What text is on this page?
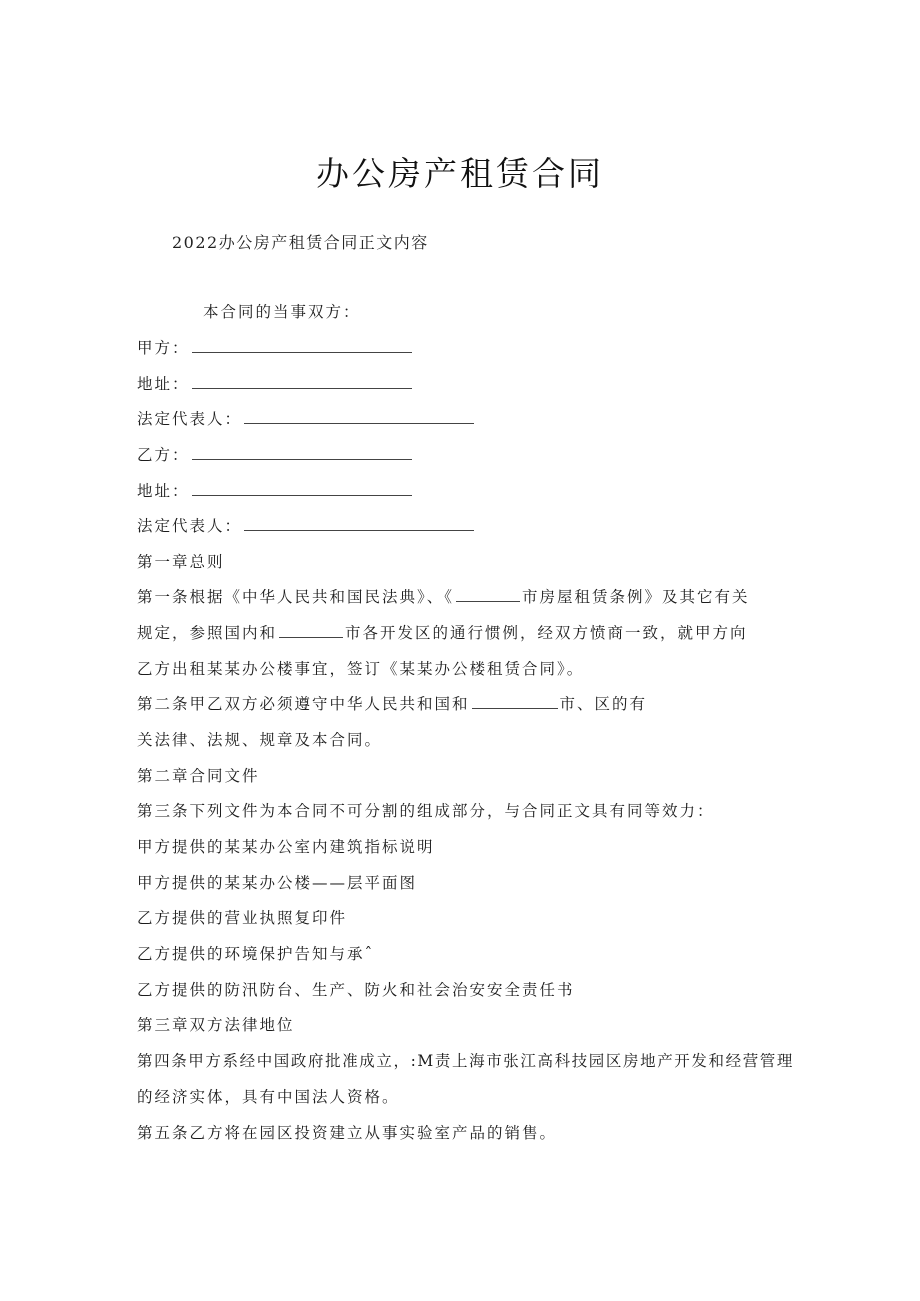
办公房产租赁合同
2022办公房产租赁合同正文内容
本合同的当事双方：
甲方：
地址：
法定代表人：
乙方：
地址：
法定代表人：
第一章总则
第一条根据《中华人民共和国民法典》、《	市房屋租赁条例》及其它有关
规定，参照国内和	市各开发区的通行惯例，经双方愤商一致，就甲方向
乙方出租某某办公楼事宜，签订《某某办公楼租赁合同》。
第二条甲乙双方必须遵守中华人民共和国和	市、区的有
关法律、法规、规章及本合同。
第二章合同文件
第三条下列文件为本合同不可分割的组成部分，与合同正文具有同等效力：
甲方提供的某某办公室内建筑指标说明
甲方提供的某某办公楼——层平面图
乙方提供的营业执照复印件
乙方提供的环境保护告知与承ˆ
乙方提供的防汛防台、生产、防火和社会治安安全责任书
第三章双方法律地位
第四条甲方系经中国政府批准成立，:M责上海市张江高科技园区房地产开发和经营管理
的经济实体，具有中国法人资格。
第五条乙方将在园区投资建立从事实验室产品的销售。
